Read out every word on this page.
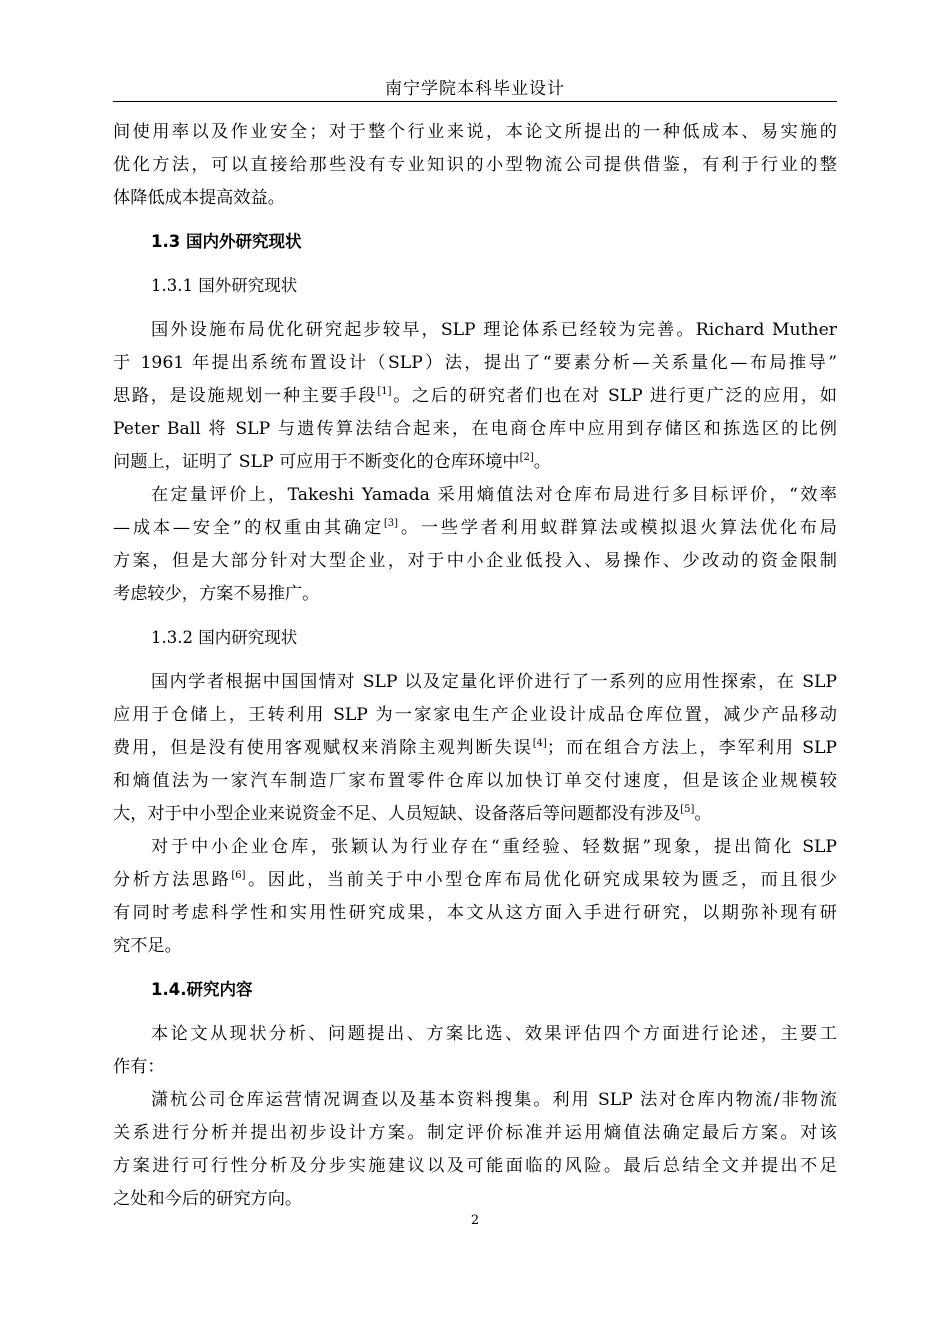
南宁学院本科毕业设计
间使用率以及作业安全；对于整个行业来说，本论文所提出的一种低成本、易实施的
优化方法，可以直接给那些没有专业知识的小型物流公司提供借鉴，有利于行业的整
体降低成本提高效益。
1.3 国内外研究现状
1.3.1 国外研究现状
国外设施布局优化研究起步较早，SLP 理论体系已经较为完善。Richard Muther
于 1961 年提出系统布置设计（SLP）法，提出了“要素分析—关系量化—布局推导”
思路，是设施规划一种主要手段[1]。之后的研究者们也在对 SLP 进行更广泛的应用，如
Peter Ball 将 SLP 与遗传算法结合起来，在电商仓库中应用到存储区和拣选区的比例
问题上，证明了 SLP 可应用于不断变化的仓库环境中[2]。
在定量评价上，Takeshi Yamada 采用熵值法对仓库布局进行多目标评价，“效率
—成本—安全”的权重由其确定[3]。一些学者利用蚁群算法或模拟退火算法优化布局
方案，但是大部分针对大型企业，对于中小企业低投入、易操作、少改动的资金限制
考虑较少，方案不易推广。
1.3.2 国内研究现状
国内学者根据中国国情对 SLP 以及定量化评价进行了一系列的应用性探索，在 SLP
应用于仓储上，王转利用 SLP 为一家家电生产企业设计成品仓库位置，减少产品移动
费用，但是没有使用客观赋权来消除主观判断失误[4]；而在组合方法上，李军利用 SLP
和熵值法为一家汽车制造厂家布置零件仓库以加快订单交付速度，但是该企业规模较
大，对于中小型企业来说资金不足、人员短缺、设备落后等问题都没有涉及[5]。
对于中小企业仓库，张颖认为行业存在“重经验、轻数据”现象，提出简化 SLP
分析方法思路[6]。因此，当前关于中小型仓库布局优化研究成果较为匮乏，而且很少
有同时考虑科学性和实用性研究成果，本文从这方面入手进行研究，以期弥补现有研
究不足。
1.4.研究内容
本论文从现状分析、问题提出、方案比选、效果评估四个方面进行论述，主要工
作有：
潇杭公司仓库运营情况调查以及基本资料搜集。利用 SLP 法对仓库内物流/非物流
关系进行分析并提出初步设计方案。制定评价标准并运用熵值法确定最后方案。对该
方案进行可行性分析及分步实施建议以及可能面临的风险。最后总结全文并提出不足
之处和今后的研究方向。
2
